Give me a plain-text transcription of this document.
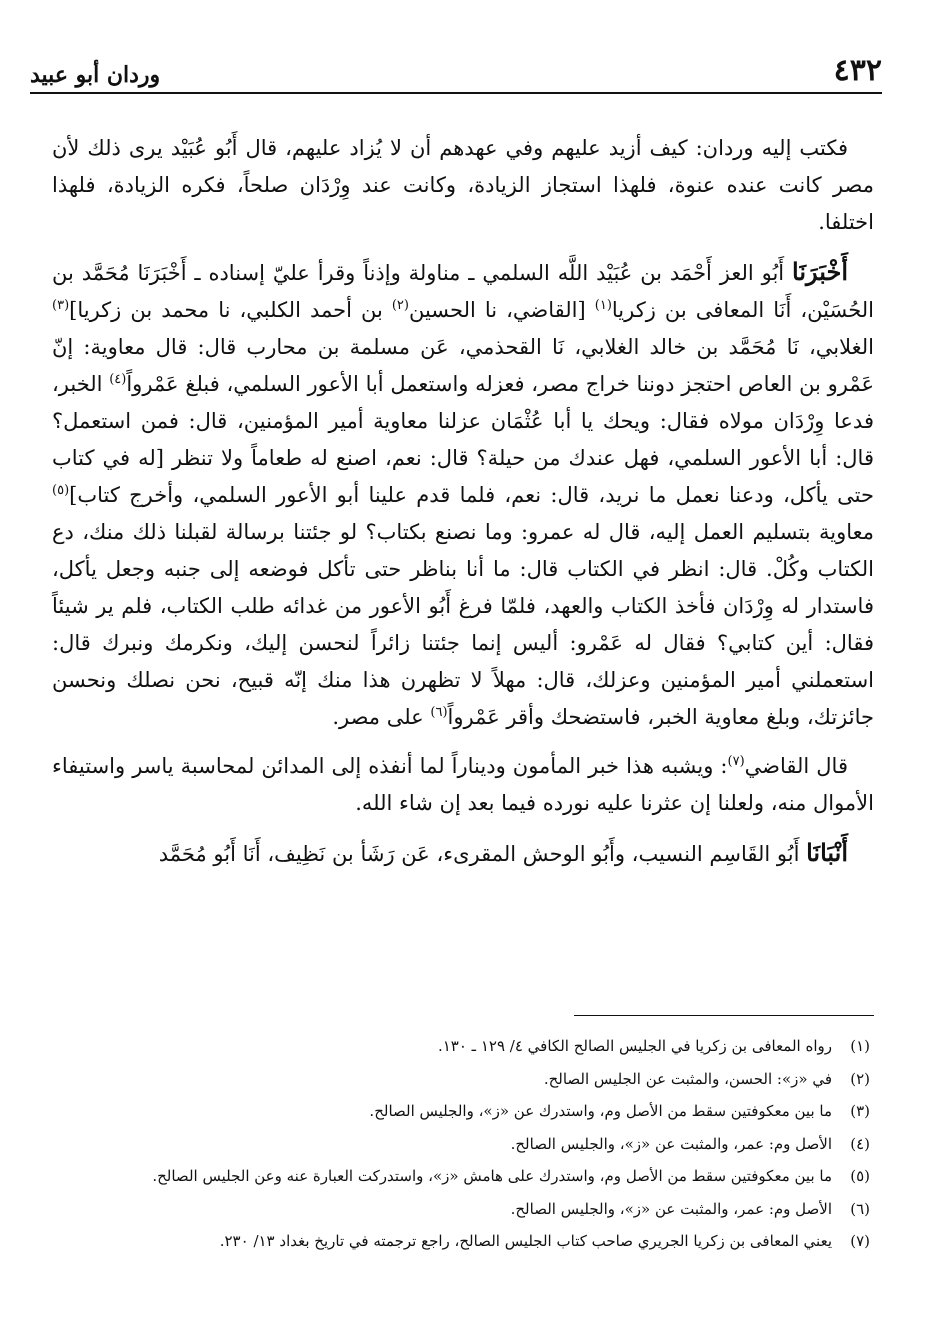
٤٣٢
وردان أبو عبيد

فكتب إليه وردان: كيف أزيد عليهم وفي عهدهم أن لا يُزاد عليهم، قال أَبُو عُبَيْد يرى ذلك لأن مصر كانت عنده عنوة، فلهذا استجاز الزيادة، وكانت عند وِرْدَان صلحاً، فكره الزيادة، فلهذا اختلفا.

أَخْبَرَنَا أَبُو العز أَحْمَد بن عُبَيْد اللَّه السلمي ـ مناولة وإذناً وقرأ عليّ إسناده ـ أَخْبَرَنَا مُحَمَّد بن الحُسَيْن، أَنَا المعافى بن زكريا$^{(١)}$ [القاضي، نا الحسين$^{(٢)}$ بن أحمد الكلبي، نا محمد بن زكريا]$^{(٣)}$ الغلابي، نَا مُحَمَّد بن خالد الغلابي، نَا القحذمي، عَن مسلمة بن محارب قال: قال معاوية: إنّ عَمْرو بن العاص احتجز دوننا خراج مصر، فعزله واستعمل أبا الأعور السلمي، فبلغ عَمْرواً$^{(٤)}$ الخبر، فدعا وِرْدَان مولاه فقال: ويحك يا أبا عُثْمَان عزلنا معاوية أمير المؤمنين، قال: فمن استعمل؟ قال: أبا الأعور السلمي، فهل عندك من حيلة؟ قال: نعم، اصنع له طعاماً ولا تنظر [له في كتاب حتى يأكل، ودعنا نعمل ما نريد، قال: نعم، فلما قدم علينا أبو الأعور السلمي، وأخرج كتاب]$^{(٥)}$ معاوية بتسليم العمل إليه، قال له عمرو: وما نصنع بكتاب؟ لو جئتنا برسالة لقبلنا ذلك منك، دع الكتاب وكُلْ. قال: انظر في الكتاب قال: ما أنا بناظر حتى تأكل فوضعه إلى جنبه وجعل يأكل، فاستدار له وِرْدَان فأخذ الكتاب والعهد، فلمّا فرغ أَبُو الأعور من غدائه طلب الكتاب، فلم ير شيئاً فقال: أين كتابي؟ فقال له عَمْرو: أليس إنما جئتنا زائراً لنحسن إليك، ونكرمك ونبرك قال: استعملني أمير المؤمنين وعزلك، قال: مهلاً لا تظهرن هذا منك إنّه قبيح، نحن نصلك ونحسن جائزتك، وبلغ معاوية الخبر، فاستضحك وأقر عَمْرواً$^{(٦)}$ على مصر.

قال القاضي$^{(٧)}$: ويشبه هذا خبر المأمون وديناراً لما أنفذه إلى المدائن لمحاسبة ياسر واستيفاء الأموال منه، ولعلنا إن عثرنا عليه نورده فيما بعد إن شاء الله.

أَنْبَانَا أَبُو القَاسِم النسيب، وأَبُو الوحش المقرىء، عَن رَشَأ بن نَظِيف، أَنَا أَبُو مُحَمَّد

(١)
رواه المعافى بن زكريا في الجليس الصالح الكافي ٤/ ١٢٩ ـ ١٣٠.
(٢)
في «ز»: الحسن، والمثبت عن الجليس الصالح.
(٣)
ما بين معكوفتين سقط من الأصل وم، واستدرك عن «ز»، والجليس الصالح.
(٤)
الأصل وم: عمر، والمثبت عن «ز»، والجليس الصالح.
(٥)
ما بين معكوفتين سقط من الأصل وم، واستدرك على هامش «ز»، واستدركت العبارة عنه وعن الجليس الصالح.
(٦)
الأصل وم: عمر، والمثبت عن «ز»، والجليس الصالح.
(٧)
يعني المعافى بن زكريا الجريري صاحب كتاب الجليس الصالح، راجع ترجمته في تاريخ بغداد ١٣/ ٢٣٠.
